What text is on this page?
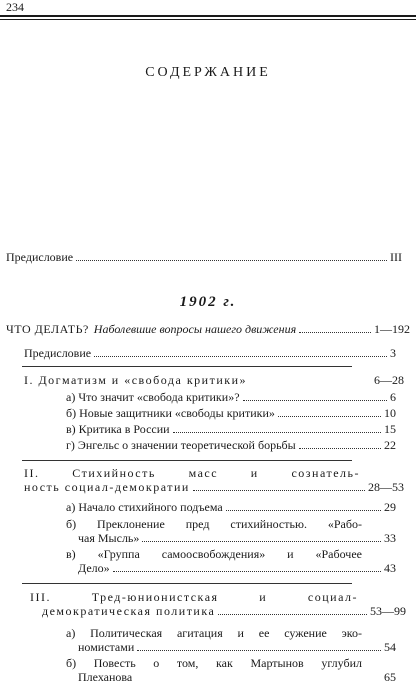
234
СОДЕРЖАНИЕ
Предисловие	III
1902 г.
ЧТО ДЕЛАТЬ? Наболевшие вопросы нашего движения	1—192
Предисловие	3
I. Догматизм и «свобода критики»	6—28
а) Что значит «свобода критики»?	6
б) Новые защитники «свободы критики»	10
в) Критика в России	15
г) Энгельс о значении теоретической борьбы	22
II. Стихийность масс и сознатель-
ность социал-демократии	28—53
а) Начало стихийного подъема	29
б) Преклонение пред стихийностью. «Рабо-
чая Мысль»	33
в) «Группа самоосвобождения» и «Рабочее
Дело»	43
III. Тред-юнионистская и социал-
демократическая политика	53—99
а) Политическая агитация и ее сужение эко-
номистами	54
б) Повесть о том, как Мартынов углубил
Плеханова	65
